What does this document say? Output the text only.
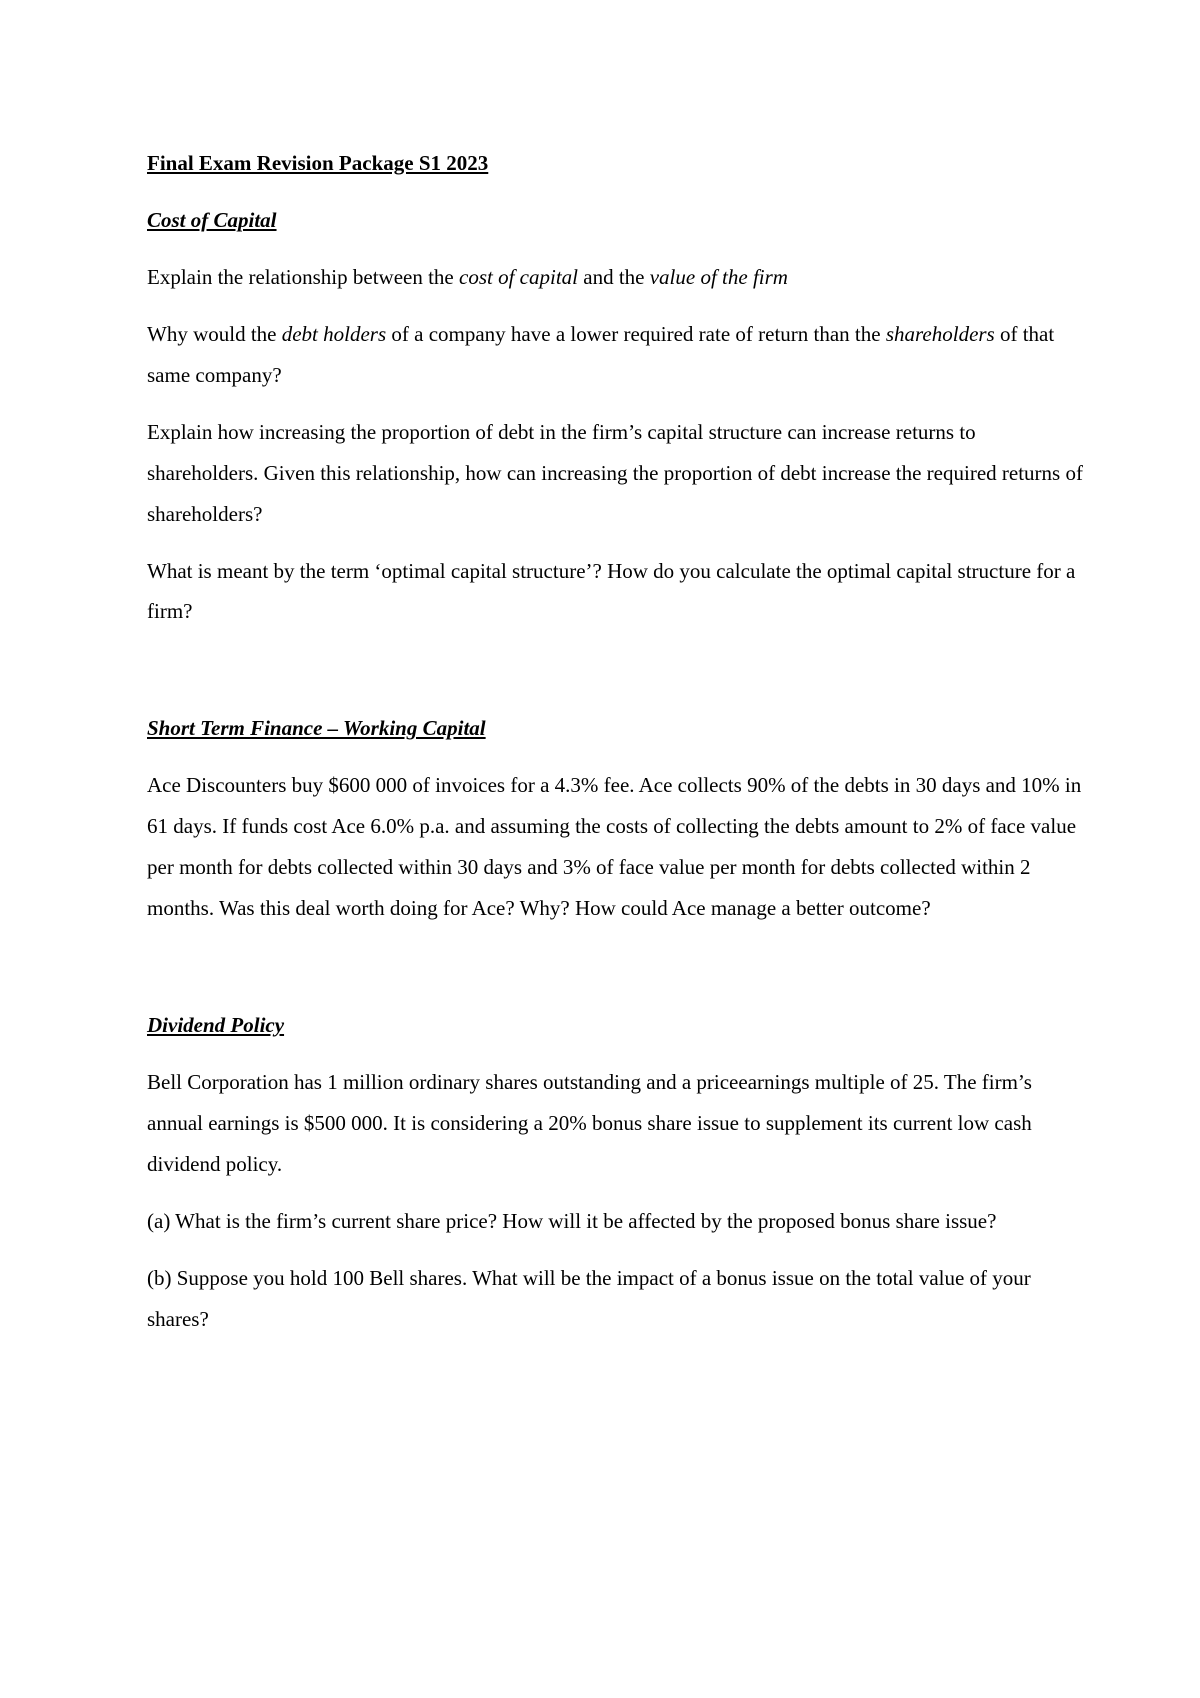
Final Exam Revision Package S1 2023

Cost of Capital

Explain the relationship between the cost of capital and the value of the firm

Why would the debt holders of a company have a lower required rate of return than the shareholders of that same company?

Explain how increasing the proportion of debt in the firm’s capital structure can increase returns to shareholders. Given this relationship, how can increasing the proportion of debt increase the required returns of shareholders?

What is meant by the term ‘optimal capital structure’? How do you calculate the optimal capital structure for a firm?

Short Term Finance – Working Capital

Ace Discounters buy $600 000 of invoices for a 4.3% fee. Ace collects 90% of the debts in 30 days and 10% in 61 days. If funds cost Ace 6.0% p.a. and assuming the costs of collecting the debts amount to 2% of face value per month for debts collected within 30 days and 3% of face value per month for debts collected within 2 months. Was this deal worth doing for Ace? Why? How could Ace manage a better outcome?

Dividend Policy

Bell Corporation has 1 million ordinary shares outstanding and a priceearnings multiple of 25. The firm’s annual earnings is $500 000. It is considering a 20% bonus share issue to supplement its current low cash dividend policy.

(a) What is the firm’s current share price? How will it be affected by the proposed bonus share issue?

(b) Suppose you hold 100 Bell shares. What will be the impact of a bonus issue on the total value of your shares?
